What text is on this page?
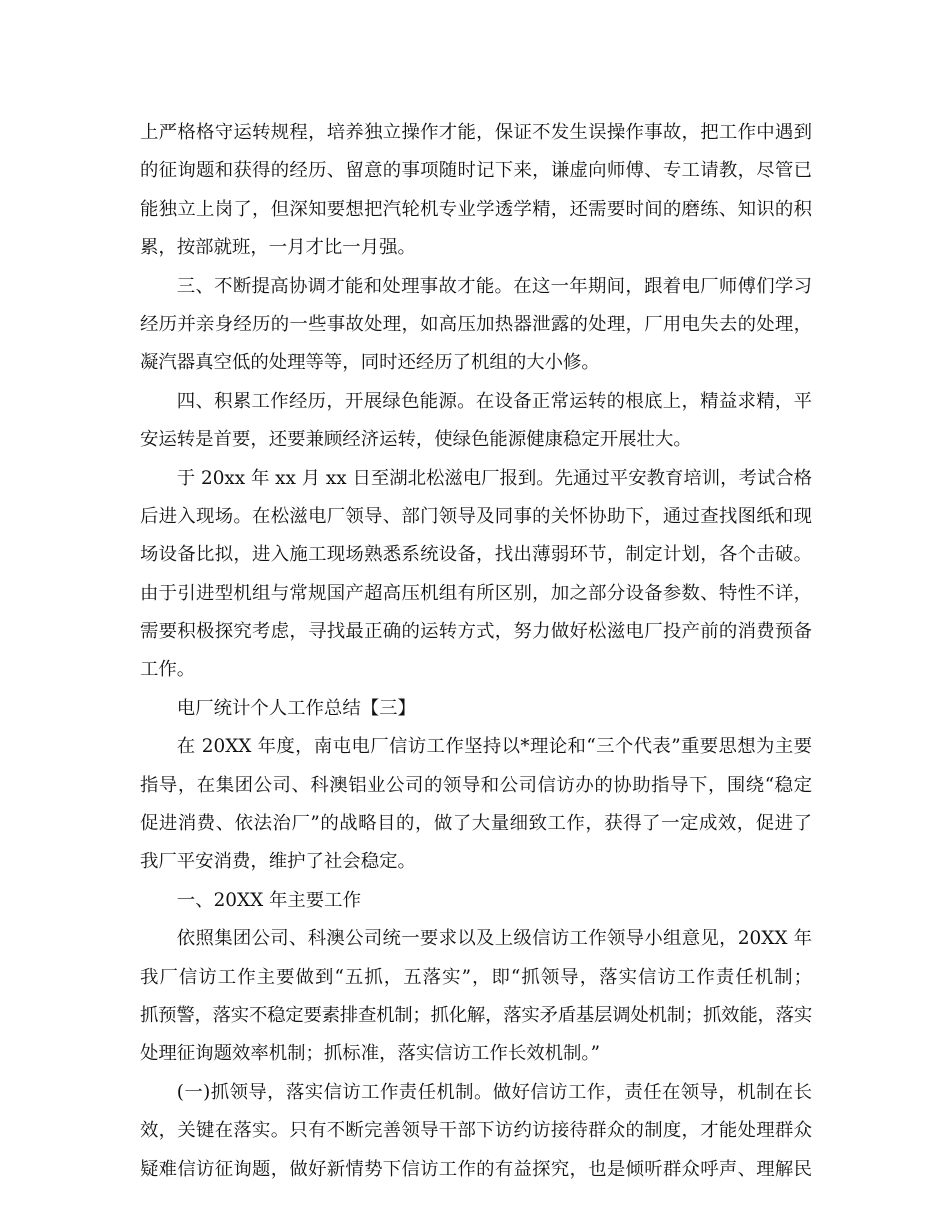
上严格格守运转规程，培养独立操作才能，保证不发生误操作事故，把工作中遇到
的征询题和获得的经历、留意的事项随时记下来，谦虚向师傅、专工请教，尽管已
能独立上岗了，但深知要想把汽轮机专业学透学精，还需要时间的磨练、知识的积
累，按部就班，一月才比一月强。
三、不断提高协调才能和处理事故才能。在这一年期间，跟着电厂师傅们学习
经历并亲身经历的一些事故处理，如高压加热器泄露的处理，厂用电失去的处理，
凝汽器真空低的处理等等，同时还经历了机组的大小修。
四、积累工作经历，开展绿色能源。在设备正常运转的根底上，精益求精，平
安运转是首要，还要兼顾经济运转，使绿色能源健康稳定开展壮大。
于 20xx 年 xx 月 xx 日至湖北松滋电厂报到。先通过平安教育培训，考试合格
后进入现场。在松滋电厂领导、部门领导及同事的关怀协助下，通过查找图纸和现
场设备比拟，进入施工现场熟悉系统设备，找出薄弱环节，制定计划，各个击破。
由于引进型机组与常规国产超高压机组有所区别，加之部分设备参数、特性不详，
需要积极探究考虑，寻找最正确的运转方式，努力做好松滋电厂投产前的消费预备
工作。
电厂统计个人工作总结【三】
在 20XX 年度，南屯电厂信访工作坚持以*理论和“三个代表”重要思想为主要
指导，在集团公司、科澳铝业公司的领导和公司信访办的协助指导下，围绕“稳定
促进消费、依法治厂”的战略目的，做了大量细致工作，获得了一定成效，促进了
我厂平安消费，维护了社会稳定。
一、20XX 年主要工作
依照集团公司、科澳公司统一要求以及上级信访工作领导小组意见，20XX 年
我厂信访工作主要做到“五抓，五落实”，即“抓领导，落实信访工作责任机制；
抓预警，落实不稳定要素排查机制；抓化解，落实矛盾基层调处机制；抓效能，落实
处理征询题效率机制；抓标准，落实信访工作长效机制。”
(一)抓领导，落实信访工作责任机制。做好信访工作，责任在领导，机制在长
效，关键在落实。只有不断完善领导干部下访约访接待群众的制度，才能处理群众
疑难信访征询题，做好新情势下信访工作的有益探究，也是倾听群众呼声、理解民
